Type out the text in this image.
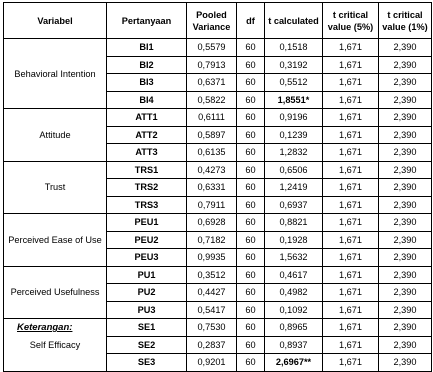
Variabel	Pertanyaan	Pooled Variance	df	t calculated	t critical value (5%)	t critical value (1%)
Behavioral Intention	BI1	0,5579	60	0,1518	1,671	2,390
	BI2	0,7913	60	0,3192	1,671	2,390
	BI3	0,6371	60	0,5512	1,671	2,390
	BI4	0,5822	60	1,8551*	1,671	2,390
Attitude	ATT1	0,6111	60	0,9196	1,671	2,390
	ATT2	0,5897	60	0,1239	1,671	2,390
	ATT3	0,6135	60	1,2832	1,671	2,390
Trust	TRS1	0,4273	60	0,6506	1,671	2,390
	TRS2	0,6331	60	1,2419	1,671	2,390
	TRS3	0,7911	60	0,6937	1,671	2,390
Perceived Ease of Use	PEU1	0,6928	60	0,8821	1,671	2,390
	PEU2	0,7182	60	0,1928	1,671	2,390
	PEU3	0,9935	60	1,5632	1,671	2,390
Perceived Usefulness	PU1	0,3512	60	0,4617	1,671	2,390
	PU2	0,4427	60	0,4982	1,671	2,390
	PU3	0,5417	60	0,1092	1,671	2,390
Self Efficacy	SE1	0,7530	60	0,8965	1,671	2,390
	SE2	0,2837	60	0,8937	1,671	2,390
	SE3	0,9201	60	2,6967**	1,671	2,390
Keterangan:
